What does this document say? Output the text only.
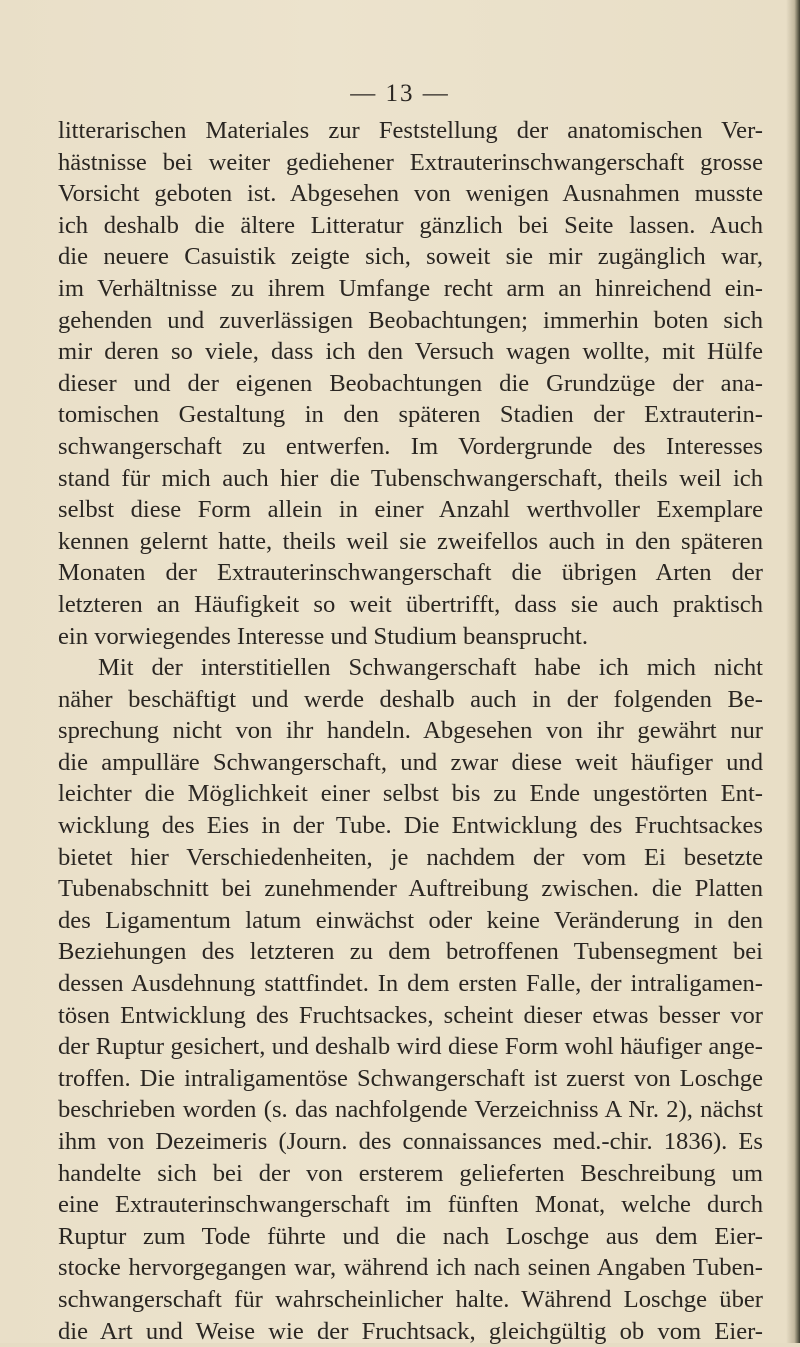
— 13 —
litterarischen Materiales zur Feststellung der anatomischen Ver-
hästnisse bei weiter gediehener Extrauterinschwangerschaft grosse
Vorsicht geboten ist. Abgesehen von wenigen Ausnahmen musste
ich deshalb die ältere Litteratur gänzlich bei Seite lassen. Auch
die neuere Casuistik zeigte sich, soweit sie mir zugänglich war,
im Verhältnisse zu ihrem Umfange recht arm an hinreichend ein-
gehenden und zuverlässigen Beobachtungen; immerhin boten sich
mir deren so viele, dass ich den Versuch wagen wollte, mit Hülfe
dieser und der eigenen Beobachtungen die Grundzüge der ana-
tomischen Gestaltung in den späteren Stadien der Extrauterin-
schwangerschaft zu entwerfen. Im Vordergrunde des Interesses
stand für mich auch hier die Tubenschwangerschaft, theils weil ich
selbst diese Form allein in einer Anzahl werthvoller Exemplare
kennen gelernt hatte, theils weil sie zweifellos auch in den späteren
Monaten der Extrauterinschwangerschaft die übrigen Arten der
letzteren an Häufigkeit so weit übertrifft, dass sie auch praktisch
ein vorwiegendes Interesse und Studium beansprucht.
Mit der interstitiellen Schwangerschaft habe ich mich nicht
näher beschäftigt und werde deshalb auch in der folgenden Be-
sprechung nicht von ihr handeln. Abgesehen von ihr gewährt nur
die ampulläre Schwangerschaft, und zwar diese weit häufiger und
leichter die Möglichkeit einer selbst bis zu Ende ungestörten Ent-
wicklung des Eies in der Tube. Die Entwicklung des Fruchtsackes
bietet hier Verschiedenheiten, je nachdem der vom Ei besetzte
Tubenabschnitt bei zunehmender Auftreibung zwischen. die Platten
des Ligamentum latum einwächst oder keine Veränderung in den
Beziehungen des letzteren zu dem betroffenen Tubensegment bei
dessen Ausdehnung stattfindet. In dem ersten Falle, der intraligamen-
tösen Entwicklung des Fruchtsackes, scheint dieser etwas besser vor
der Ruptur gesichert, und deshalb wird diese Form wohl häufiger ange-
troffen. Die intraligamentöse Schwangerschaft ist zuerst von Loschge
beschrieben worden (s. das nachfolgende Verzeichniss A Nr. 2), nächst
ihm von Dezeimeris (Journ. des connaissances med.-chir. 1836). Es
handelte sich bei der von ersterem gelieferten Beschreibung um
eine Extrauterinschwangerschaft im fünften Monat, welche durch
Ruptur zum Tode führte und die nach Loschge aus dem Eier-
stocke hervorgegangen war, während ich nach seinen Angaben Tuben-
schwangerschaft für wahrscheinlicher halte. Während Loschge über
die Art und Weise wie der Fruchtsack, gleichgültig ob vom Eier-
